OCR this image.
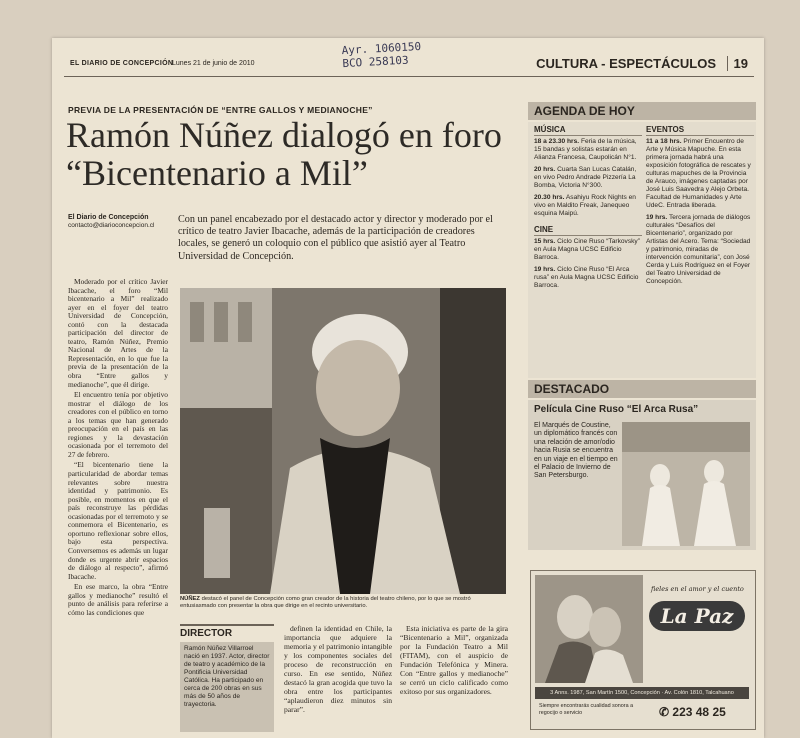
Ayr. 1060150
BCO 258103
EL DIARIO DE CONCEPCIÓN
Lunes 21 de junio de 2010	CULTURA - ESPECTÁCULOS	19
PREVIA DE LA PRESENTACIÓN DE “ENTRE GALLOS Y MEDIANOCHE”
Ramón Núñez dialogó en foro “Bicentenario a Mil”
El Diario de Concepción
contacto@diarioconcepcion.cl
Con un panel encabezado por el destacado actor y director y moderado por el crítico de teatro Javier Ibacache, además de la participación de creadores locales, se generó un coloquio con el público que asistió ayer al Teatro Universidad de Concepción.

Moderado por el crítico Javier Ibacache, el foro “Mil bicentenario a Mil” realizado ayer en el foyer del teatro Universidad de Concepción, contó con la destacada participación del director de teatro, Ramón Núñez, Premio Nacional de Artes de la Representación, en lo que fue la previa de la presentación de la obra “Entre gallos y medianoche”, que él dirige.

El encuentro tenía por objetivo mostrar el diálogo de los creadores con el público en torno a los temas que han generado preocupación en el país en las regiones y la devastación ocasionada por el terremoto del 27 de febrero.

“El bicentenario tiene la particularidad de abordar temas relevantes sobre nuestra identidad y patrimonio. Es posible, en momentos en que el país reconstruye las pérdidas ocasionadas por el terremoto y se conmemora el Bicentenario, es oportuno reflexionar sobre ellos, bajo esta perspectiva. Conversemos es además un lugar donde es urgente abrir espacios de diálogo al respecto”, afirmó Ibacache.

En ese marco, la obra “Entre gallos y medianoche” resultó el punto de análisis para referirse a cómo las condiciones que

NÚÑEZ destacó el panel de Concepción como gran creador de la historia del teatro chileno, por lo que se mostró entusiasmado con presentar la obra que dirige en el recinto universitario.
DIRECTOR
Ramón Núñez Villarroel nació en 1937. Actor, director de teatro y académico de la Pontificia Universidad Católica. Ha participado en cerca de 200 obras en sus más de 50 años de trayectoria.

definen la identidad en Chile, la importancia que adquiere la memoria y el patrimonio intangible y los componentes sociales del proceso de reconstrucción en curso. En ese sentido, Núñez destacó la gran acogida que tuvo la obra entre los participantes “aplaudieron diez minutos sin parar”.

Esta iniciativa es parte de la gira “Bicentenario a Mil”, organizada por la Fundación Teatro a Mil (FITAM), con el auspicio de Fundación Telefónica y Minera. Con “Entre gallos y medianoche” se cerró un ciclo calificado como exitoso por sus organizadores.

AGENDA DE HOY
MÚSICA

18 a 23.30 hrs. Feria de la música, 15 bandas y solistas estarán en Alianza Francesa, Caupolicán N°1.

20 hrs. Cuarta San Lucas Catalán, en vivo Pedro Andrade Pizzería La Bomba, Victoria N°300.

20.30 hrs. Asahiyu Rock Nights en vivo en Maldito Freak, Janequeo esquina Maipú.

CINE

15 hrs. Ciclo Cine Ruso “Tarkovsky” en Aula Magna UCSC Edificio Barroca.

19 hrs. Ciclo Cine Ruso “El Arca rusa” en Aula Magna UCSC Edificio Barroca.

EVENTOS

11 a 18 hrs. Primer Encuentro de Arte y Música Mapuche. En esta primera jornada habrá una exposición fotográfica de rescates y culturas mapuches de la Provincia de Arauco, imágenes captadas por José Luis Saavedra y Alejo Orbeta. Facultad de Humanidades y Arte UdeC. Entrada liberada.

19 hrs. Tercera jornada de diálogos culturales “Desafíos del Bicentenario”, organizado por Artistas del Acero. Tema: “Sociedad y patrimonio, miradas de intervención comunitaria”, con José Cerda y Luis Rodríguez en el Foyer del Teatro Universidad de Concepción.

DESTACADO
Película Cine Ruso “El Arca Rusa”
El Marqués de Coustine, un diplomático francés con una relación de amor/odio hacia Rusia se encuentra en un viaje en el tiempo en el Palacio de Invierno de San Petersburgo.
fieles en el amor y el cuento
La Paz
3 Anns. 1987, San Martín 1500, Concepción · Av. Colón 1810, Talcahuano
Siempre encontrarás cualidad sonora a regocijo o servicio	✆ 223 48 25
